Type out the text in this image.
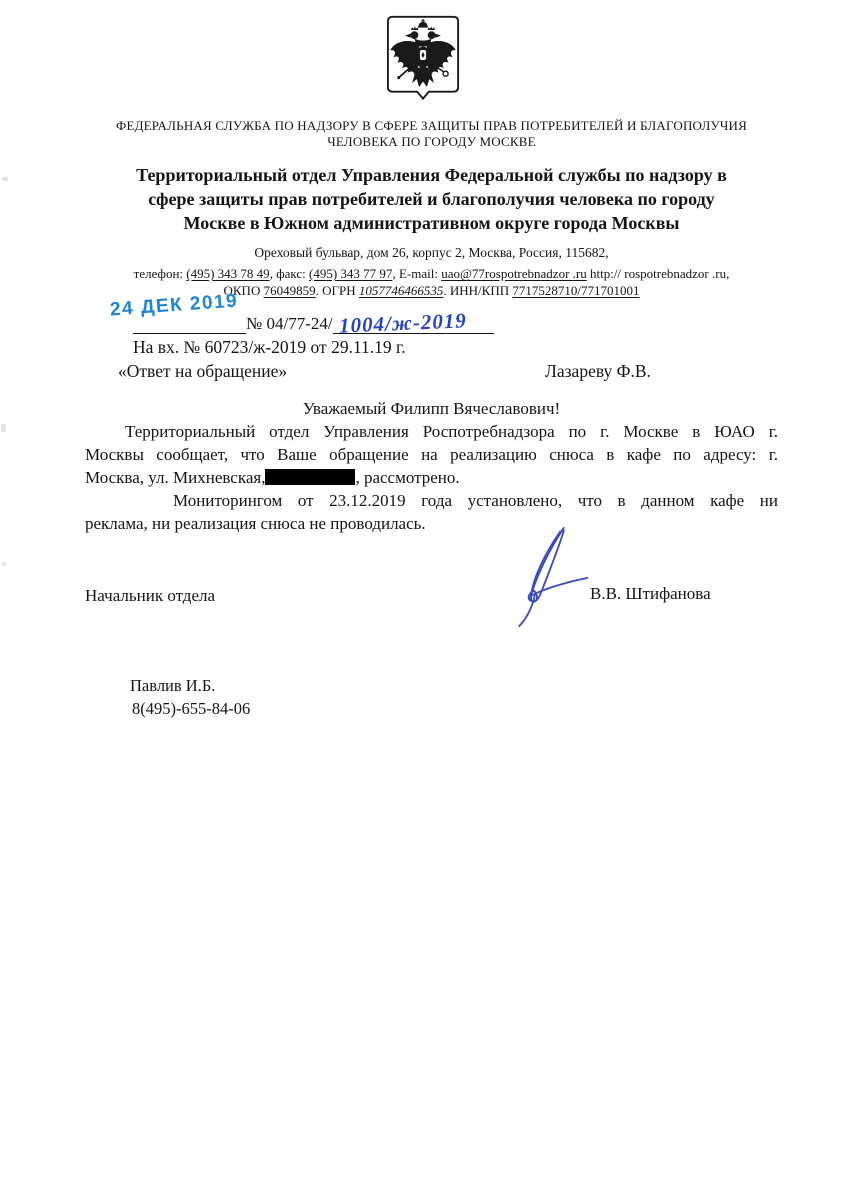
ФЕДЕРАЛЬНАЯ СЛУЖБА ПО НАДЗОРУ В СФЕРЕ ЗАЩИТЫ ПРАВ ПОТРЕБИТЕЛЕЙ И БЛАГОПОЛУЧИЯ
ЧЕЛОВЕКА ПО ГОРОДУ МОСКВЕ
Территориальный отдел Управления Федеральной службы по надзору в
сфере защиты прав потребителей и благополучия человека по городу
Москве в Южном административном округе города Москвы
Ореховый бульвар, дом 26, корпус 2, Москва, Россия, 115682,
телефон: (495) 343 78 49, факс: (495) 343 77 97, E-mail: uao@77rospotrebnadzor .ru http:// rospotrebnadzor .ru,
ОКПО 76049859. ОГРН 1057746466535. ИНН/КПП 7717528710/771701001
24 ДЕК 2019
№ 04/77-24/ 1004/ж-2019
На вх. № 60723/ж-2019 от 29.11.19 г.
«Ответ на обращение»	Лазареву Ф.В.
Уважаемый Филипп Вячеславович!
Территориальный отдел Управления Роспотребнадзора по г. Москве в ЮАО г.
Москвы сообщает, что Ваше обращение на реализацию снюса в кафе по адресу: г.
Москва, ул. Михневская,	, рассмотрено.
Мониторингом от 23.12.2019 года установлено, что в данном кафе ни
реклама, ни реализация снюса не проводилась.
Начальник отдела	В.В. Штифанова
Павлив И.Б.
8(495)-655-84-06
